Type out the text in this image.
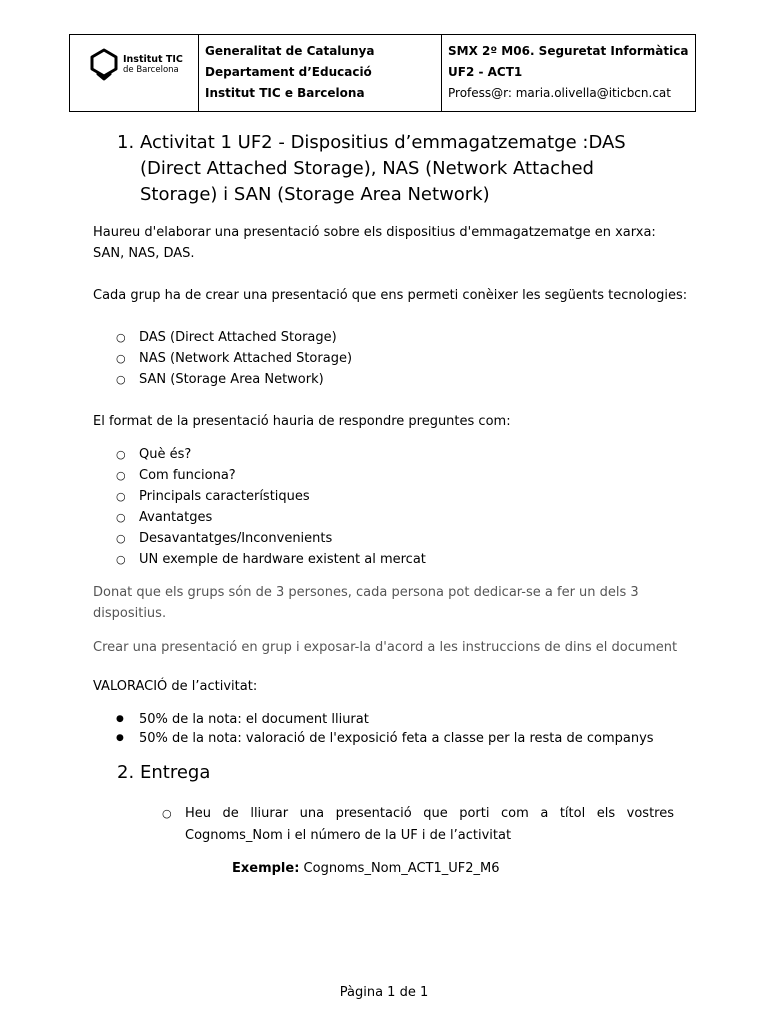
Institut TIC
de Barcelona
Generalitat de Catalunya
Departament d’Educació
Institut TIC e Barcelona
SMX 2º M06. Seguretat Informàtica
UF2 - ACT1
Profess@r: maria.olivella@iticbcn.cat
1. Activitat 1 UF2 - Dispositius d’emmagatzematge :DAS (Direct Attached Storage), NAS (Network Attached Storage) i SAN (Storage Area Network)
Haureu d'elaborar una presentació sobre els dispositius d'emmagatzematge en xarxa: SAN, NAS, DAS.
Cada grup ha de crear una presentació que ens permeti conèixer les següents tecnologies:
○ DAS (Direct Attached Storage)
○ NAS (Network Attached Storage)
○ SAN (Storage Area Network)
El format de la presentació hauria de respondre preguntes com:
○ Què és?
○ Com funciona?
○ Principals característiques
○ Avantatges
○ Desavantatges/Inconvenients
○ UN exemple de hardware existent al mercat
Donat que els grups són de 3 persones, cada persona pot dedicar-se a fer un dels 3 dispositius.
Crear una presentació en grup i exposar-la d'acord a les instruccions de dins el document
VALORACIÓ de l’activitat:
● 50% de la nota: el document lliurat
● 50% de la nota: valoració de l'exposició feta a classe per la resta de companys
2. Entrega
○ Heu de lliurar una presentació que porti com a títol els vostres Cognoms_Nom i el número de la UF i de l’activitat
Exemple: Cognoms_Nom_ACT1_UF2_M6
Pàgina 1 de 1
